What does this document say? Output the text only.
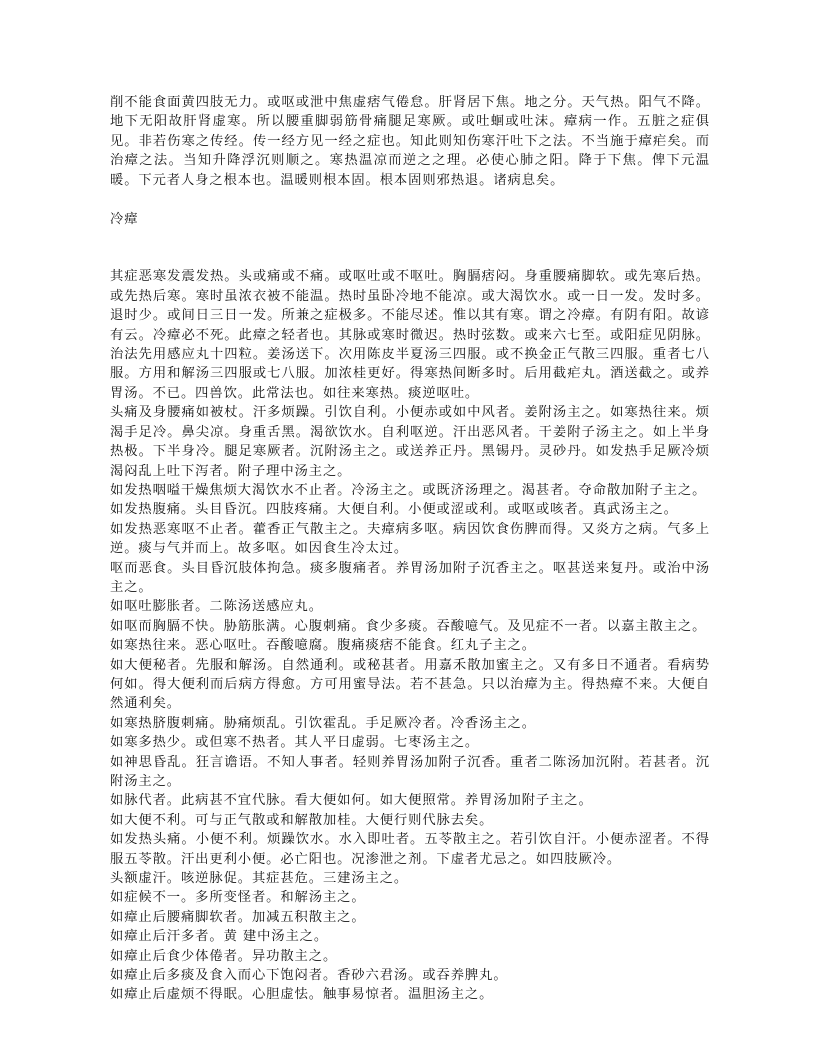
削不能食面黄四肢无力。或呕或泄中焦虚痞气倦怠。肝肾居下焦。地之分。天气热。阳气不降。地下无阳故肝肾虚寒。所以腰重脚弱筋骨痛腿足寒厥。或吐蛔或吐沫。瘴病一作。五脏之症俱见。非若伤寒之传经。传一经方见一经之症也。知此则知伤寒汗吐下之法。不当施于瘴疟矣。而治瘴之法。当知升降浮沉则顺之。寒热温凉而逆之之理。必使心肺之阳。降于下焦。俾下元温暖。下元者人身之根本也。温暖则根本固。根本固则邪热退。诸病息矣。

冷瘴

其症恶寒发震发热。头或痛或不痛。或呕吐或不呕吐。胸膈痞闷。身重腰痛脚软。或先寒后热。或先热后寒。寒时虽浓衣被不能温。热时虽卧冷地不能凉。或大渴饮水。或一日一发。发时多。退时少。或间日三日一发。所兼之症极多。不能尽述。惟以其有寒。谓之冷瘴。有阴有阳。故谚有云。冷瘴必不死。此瘴之轻者也。其脉或寒时微迟。热时弦数。或来六七至。或阳症见阴脉。治法先用感应丸十四粒。姜汤送下。次用陈皮半夏汤三四服。或不换金正气散三四服。重者七八服。方用和解汤三四服或七八服。加浓桂更好。得寒热间断多时。后用截疟丸。酒送截之。或养胃汤。不已。四兽饮。此常法也。如往来寒热。痰逆呕吐。

头痛及身腰痛如被杖。汗多烦躁。引饮自利。小便赤或如中风者。姜附汤主之。如寒热往来。烦渴手足冷。鼻尖凉。身重舌黑。渴欲饮水。自利呕逆。汗出恶风者。干姜附子汤主之。如上半身热极。下半身冷。腿足寒厥者。沉附汤主之。或送养正丹。黑锡丹。灵砂丹。如发热手足厥冷烦渴闷乱上吐下泻者。附子理中汤主之。

如发热咽嗌干燥焦烦大渴饮水不止者。冷汤主之。或既济汤理之。渴甚者。夺命散加附子主之。

如发热腹痛。头目昏沉。四肢疼痛。大便自利。小便或涩或利。或呕或咳者。真武汤主之。

如发热恶寒呕不止者。藿香正气散主之。夫瘴病多呕。病因饮食伤脾而得。又炎方之病。气多上逆。痰与气并而上。故多呕。如因食生冷太过。

呕而恶食。头目昏沉肢体拘急。痰多腹痛者。养胃汤加附子沉香主之。呕甚送来复丹。或治中汤主之。

如呕吐膨胀者。二陈汤送感应丸。

如呕而胸膈不快。胁筋胀满。心腹刺痛。食少多痰。吞酸噫气。及见症不一者。以嘉主散主之。

如寒热往来。恶心呕吐。吞酸噫腐。腹痛痰痞不能食。红丸子主之。

如大便秘者。先服和解汤。自然通利。或秘甚者。用嘉禾散加蜜主之。又有多日不通者。看病势何如。得大便利而后病方得愈。方可用蜜导法。若不甚急。只以治瘴为主。得热瘴不来。大便自然通利矣。

如寒热脐腹刺痛。胁痛烦乱。引饮霍乱。手足厥冷者。冷香汤主之。

如寒多热少。或但寒不热者。其人平日虚弱。七枣汤主之。

如神思昏乱。狂言谵语。不知人事者。轻则养胃汤加附子沉香。重者二陈汤加沉附。若甚者。沉附汤主之。

如脉代者。此病甚不宜代脉。看大便如何。如大便照常。养胃汤加附子主之。

如大便不利。可与正气散或和解散加桂。大便行则代脉去矣。

如发热头痛。小便不利。烦躁饮水。水入即吐者。五苓散主之。若引饮自汗。小便赤涩者。不得服五苓散。汗出更利小便。必亡阳也。况渗泄之剂。下虚者尤忌之。如四肢厥冷。

头额虚汗。咳逆脉促。其症甚危。三建汤主之。

如症候不一。多所变怪者。和解汤主之。

如瘴止后腰痛脚软者。加减五积散主之。

如瘴止后汗多者。黄 建中汤主之。

如瘴止后食少体倦者。异功散主之。

如瘴止后多痰及食入而心下饱闷者。香砂六君汤。或吞养脾丸。

如瘴止后虚烦不得眠。心胆虚怯。触事易惊者。温胆汤主之。
